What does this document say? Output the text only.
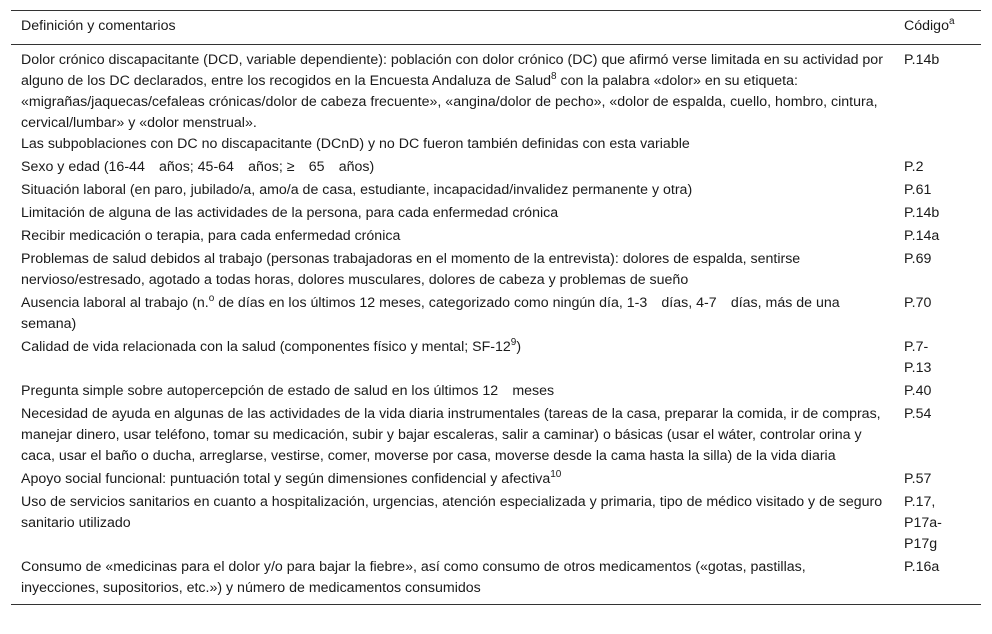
Definición y comentarios	Código$^a$
Dolor crónico discapacitante (DCD, variable dependiente): población con dolor crónico (DC) que afirmó verse limitada en su actividad por alguno de los DC declarados, entre los recogidos en la Encuesta Andaluza de Salud$^8$ con la palabra «dolor» en su etiqueta: «migrañas/jaquecas/cefaleas crónicas/dolor de cabeza frecuente», «angina/dolor de pecho», «dolor de espalda, cuello, hombro, cintura, cervical/lumbar» y «dolor menstrual».
Las subpoblaciones con DC no discapacitante (DCnD) y no DC fueron también definidas con esta variable	P.14b
Sexo y edad (16-44 años; 45-64 años; ≥ 65 años)	P.2
Situación laboral (en paro, jubilado/a, amo/a de casa, estudiante, incapacidad/invalidez permanente y otra)	P.61
Limitación de alguna de las actividades de la persona, para cada enfermedad crónica	P.14b
Recibir medicación o terapia, para cada enfermedad crónica	P.14a
Problemas de salud debidos al trabajo (personas trabajadoras en el momento de la entrevista): dolores de espalda, sentirse nervioso/estresado, agotado a todas horas, dolores musculares, dolores de cabeza y problemas de sueño	P.69
Ausencia laboral al trabajo (n.$^o$ de días en los últimos 12 meses, categorizado como ningún día, 1-3 días, 4-7 días, más de una semana)	P.70
Calidad de vida relacionada con la salud (componentes físico y mental; $SF-12^9$)	P.7-
P.13

Pregunta simple sobre autopercepción de estado de salud en los últimos 12 meses	P.40
Necesidad de ayuda en algunas de las actividades de la vida diaria instrumentales (tareas de la casa, preparar la comida, ir de compras, manejar dinero, usar teléfono, tomar su medicación, subir y bajar escaleras, salir a caminar) o básicas (usar el wáter, controlar orina y caca, usar el baño o ducha, arreglarse, vestirse, comer, moverse por casa, moverse desde la cama hasta la silla) de la vida diaria	P.54
Apoyo social funcional: puntuación total y según dimensiones confidencial y afectiva$^{10}$	P.57
Uso de servicios sanitarios en cuanto a hospitalización, urgencias, atención especializada y primaria, tipo de médico visitado y de seguro sanitario utilizado	P.17,
P17a-
P17g

Consumo de «medicinas para el dolor y/o para bajar la fiebre», así como consumo de otros medicamentos («gotas, pastillas, inyecciones, supositorios, etc.») y número de medicamentos consumidos	P.16a
